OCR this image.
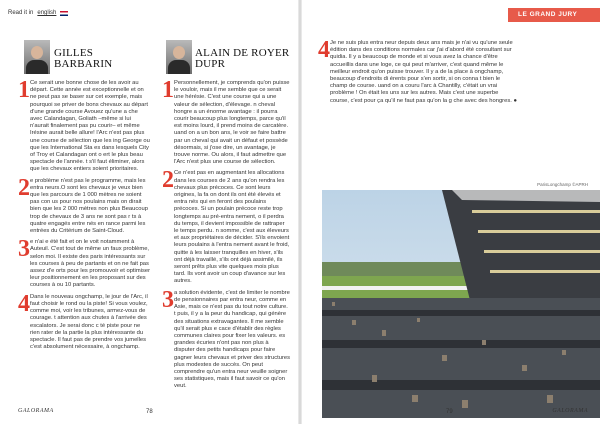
Read it in english
GILLES BARBARIN
ALAIN DE ROYER DUPR
1 Ce serait une bonne chose de les avoir au départ. Cette année est exceptionnelle et on ne peut pas se baser sur cet exemple, mais pourquoi se priver de bons chevaux au départ d'une grande course Avouez qu'une a che avec Calandagan, Goliath –même si lui n'aurait finalement pas pu courir– et même Irésine aurait belle allure! l'Arc n'est pas plus une course de sélection que les ing George ou que les International Sta es dans lesquels City of Troy et Calandagan ont o ert le plus beau spectacle de l'année. t s'il faut éliminer, alors que les chevaux entiers soient prioritaires.
2 e problème n'est pas le programme, mais les entra neurs.O sont les chevaux je veux bien que les parcours de 1 000 mètres ne soient pas con us pour nos poulains mais on dirait bien que les 2 000 mètres non plus Beaucoup trop de chevaux de 3 ans ne sont pas r ts à quatre engagés entre nés en rance parmi les entrées du Critérium de Saint-Cloud.
3 e n'ai e été fait et on le voit notamment à Auteuil. C'est tout de même un faux problème, selon moi. Il existe des paris intéressants sur les courses à peu de partants et on ne fait pas assez d'e orts pour les promouvoir et optimiser leur positionnement en les proposant sur des courses à ou 10 partants.
4 Dans le nouveau ongchamp, le jour de l'Arc, il faut choisir le rond ou la piste! Si vous voulez, comme moi, voir les tribunes, armez-vous de courage. t attention aux chutes à l'arrivée des escalators. Je serai donc c té piste pour ne rien rater de la partie la plus intéressante du spectacle. Il faut pas de prendre vos jumelles c'est absolument nécessaire, à ongchamp.
1 Personnellement, je comprends qu'on puisse le vouloir, mais il me semble que ce serait une hérésie. C'est une course qui a une valeur de sélection, d'élevage. n cheval hongre a un énorme avantage : il pourra courir beaucoup plus longtemps, parce qu'il est moins lourd, il prend moins de carcatère. uand on a un bon ans, le voir se faire battre par un cheval qui avait un défaut et possède désormais, si j'ose dire, un avantage, je trouve norme. Ou alors, il faut admettre que l'Arc n'est plus une course de sélection.
2 Ce n'est pas en augmentant les allocations dans les courses de 2 ans qu'on rendra les chevaux plus précoces. Ce sont leurs origines, la fa on dont ils ont été élevés et entra nés qui en feront des poulains précoces. Si un poulain précoce reste trop longtemps au pré-entra nement, o il perdra du temps, il devient impossible de rattraper le temps perdu. n somme, c'est aux éleveurs et aux propriétaires de décider. S'ils envoient leurs poulains à l'entra nement avant le froid, quitte à les laisser tranquilles en hiver, s'ils ont déjà travaillé, s'ils ont déjà assimilé, ils seront prêts plus vite quelques mois plus tard. Ils vont avoir un coup d'avance sur les autres.
3 a solution évidente, c'est de limiter le nombre de pensionnaires par entra neur, comme en Asie, mais ce n'est pas du tout notre culture. t puis, il y a la peur du handicap, qui génère des situations extravagantes. Il me semble qu'il serait plus e cace d'établir des règles communes claires pour fixer les valeurs. es grandes écuries n'ont pas non plus à disputer des petits handicaps pour faire gagner leurs chevaux et priver des structures plus modestes de succès. On peut comprendre qu'un entra neur veuille soigner ses statistiques, mais il faut savoir ce qu'on veut.
GALORAMA	78
LE GRAND JURY
4 Je ne suis plus entra neur depuis deux ans mais je n'ai vu qu'une seule édition dans des conditions normales car j'ai d'abord été consultant sur quidia. Il y a beaucoup de monde et si vous avez la chance d'être accueillis dans une loge, ce qui peut m'arriver, c'est quand même le meilleur endroit qu'on puisse trouver. Il y a de la place à ongchamp, beaucoup d'endroits di érents pour s'en sortir, si on conna t bien le champ de course. uand on a couru l'arc à Chantilly, c'était un vrai problème ! On était les uns sur les autres. Mais c'est une superbe course, c'est pour ça qu'il ne faut pas qu'on la g che avec des hongres. ●
ParisLongchamp ©APRH
79	GALORAMA
